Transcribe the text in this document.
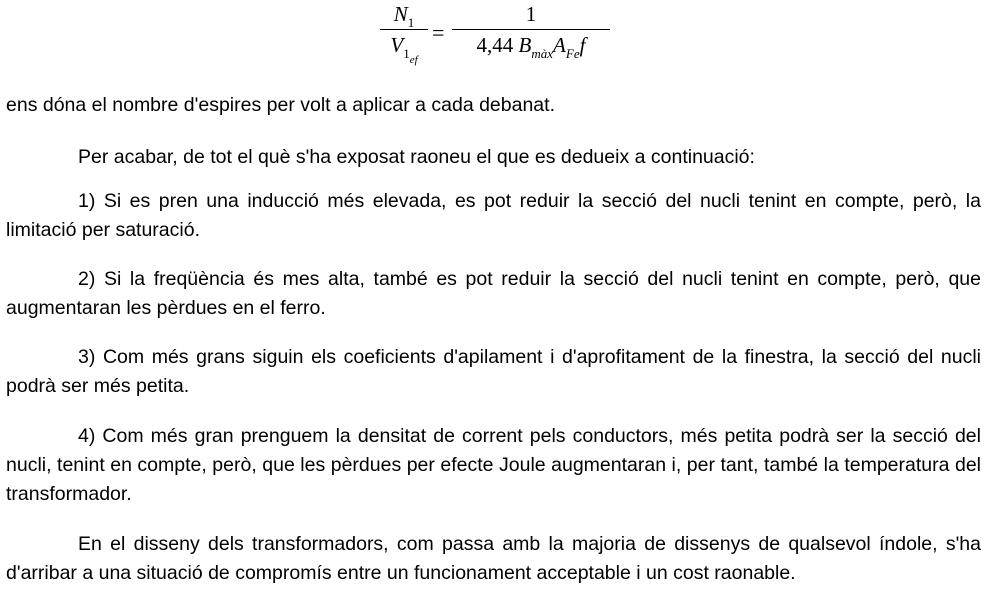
$N_1$
$V_{1_{ef}}$
=
1
4,44 $B_{màx}A_{Fe}f$

ens dóna el nombre d'espires per volt a aplicar a cada debanat.

Per acabar, de tot el què s'ha exposat raoneu el que es dedueix a continuació:

1) Si es pren una inducció més elevada, es pot reduir la secció del nucli tenint en compte, però, la limitació per saturació.

2) Si la freqüència és mes alta, també es pot reduir la secció del nucli tenint en compte, però, que augmentaran les pèrdues en el ferro.

3) Com més grans siguin els coeficients d'apilament i d'aprofitament de la finestra, la secció del nucli podrà ser més petita.

4) Com més gran prenguem la densitat de corrent pels conductors, més petita podrà ser la secció del nucli, tenint en compte, però, que les pèrdues per efecte Joule augmentaran i, per tant, també la temperatura del transformador.

En el disseny dels transformadors, com passa amb la majoria de dissenys de qualsevol índole, s'ha d'arribar a una situació de compromís entre un funcionament acceptable i un cost raonable.
